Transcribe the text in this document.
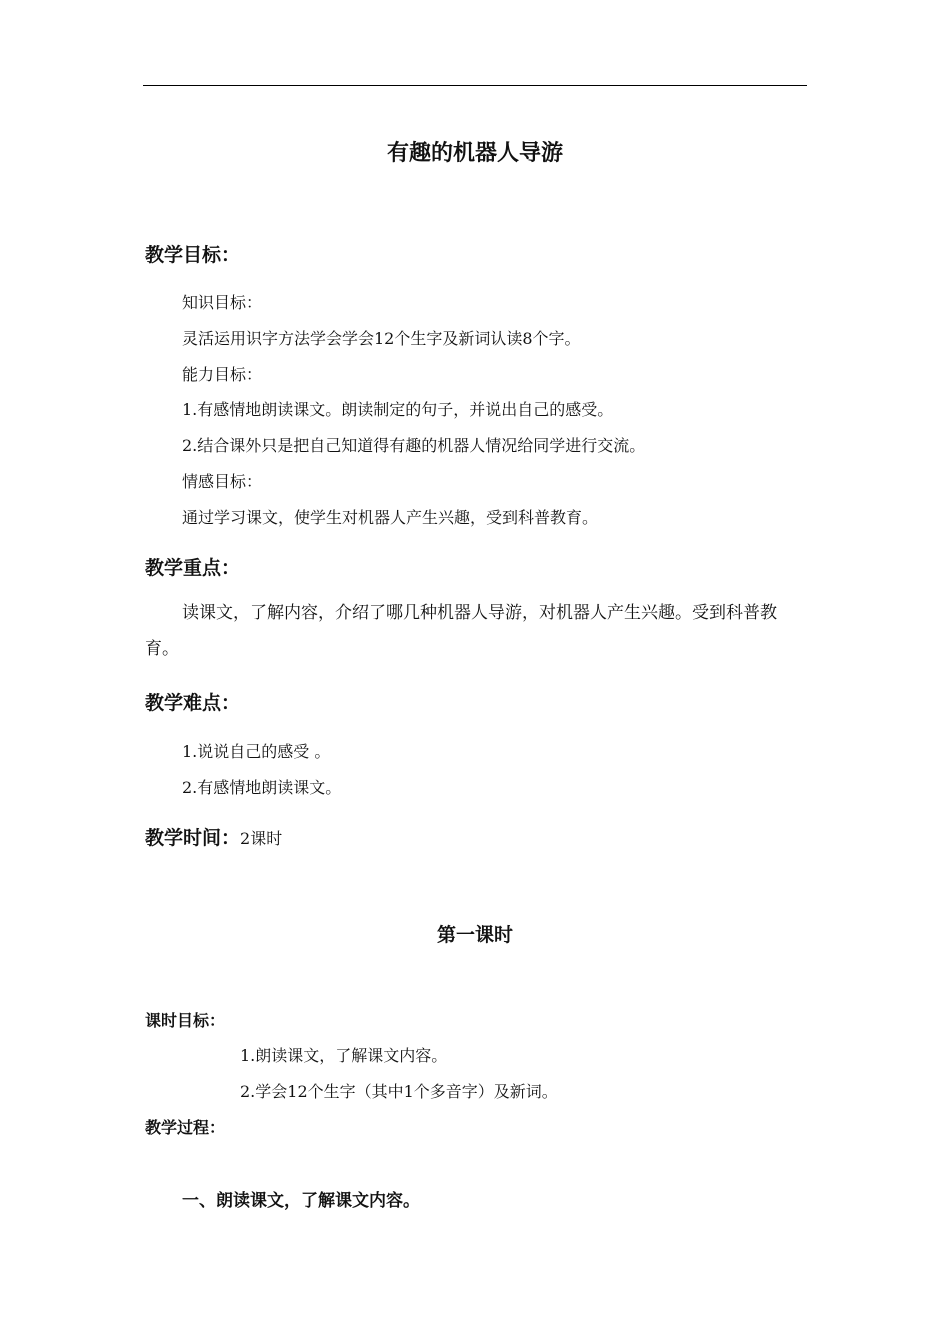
有趣的机器人导游
教学目标：
知识目标：
灵活运用识字方法学会学会12个生字及新词认读8个字。
能力目标：
1.有感情地朗读课文。朗读制定的句子，并说出自己的感受。
2.结合课外只是把自己知道得有趣的机器人情况给同学进行交流。
情感目标：
通过学习课文，使学生对机器人产生兴趣，受到科普教育。
教学重点：
读课文，了解内容，介绍了哪几种机器人导游，对机器人产生兴趣。受到科普教育。
教学难点：
1.说说自己的感受 。
2.有感情地朗读课文。
教学时间：2课时
第一课时
课时目标：
1.朗读课文，了解课文内容。
2.学会12个生字（其中1个多音字）及新词。
教学过程：
一、朗读课文，了解课文内容。
